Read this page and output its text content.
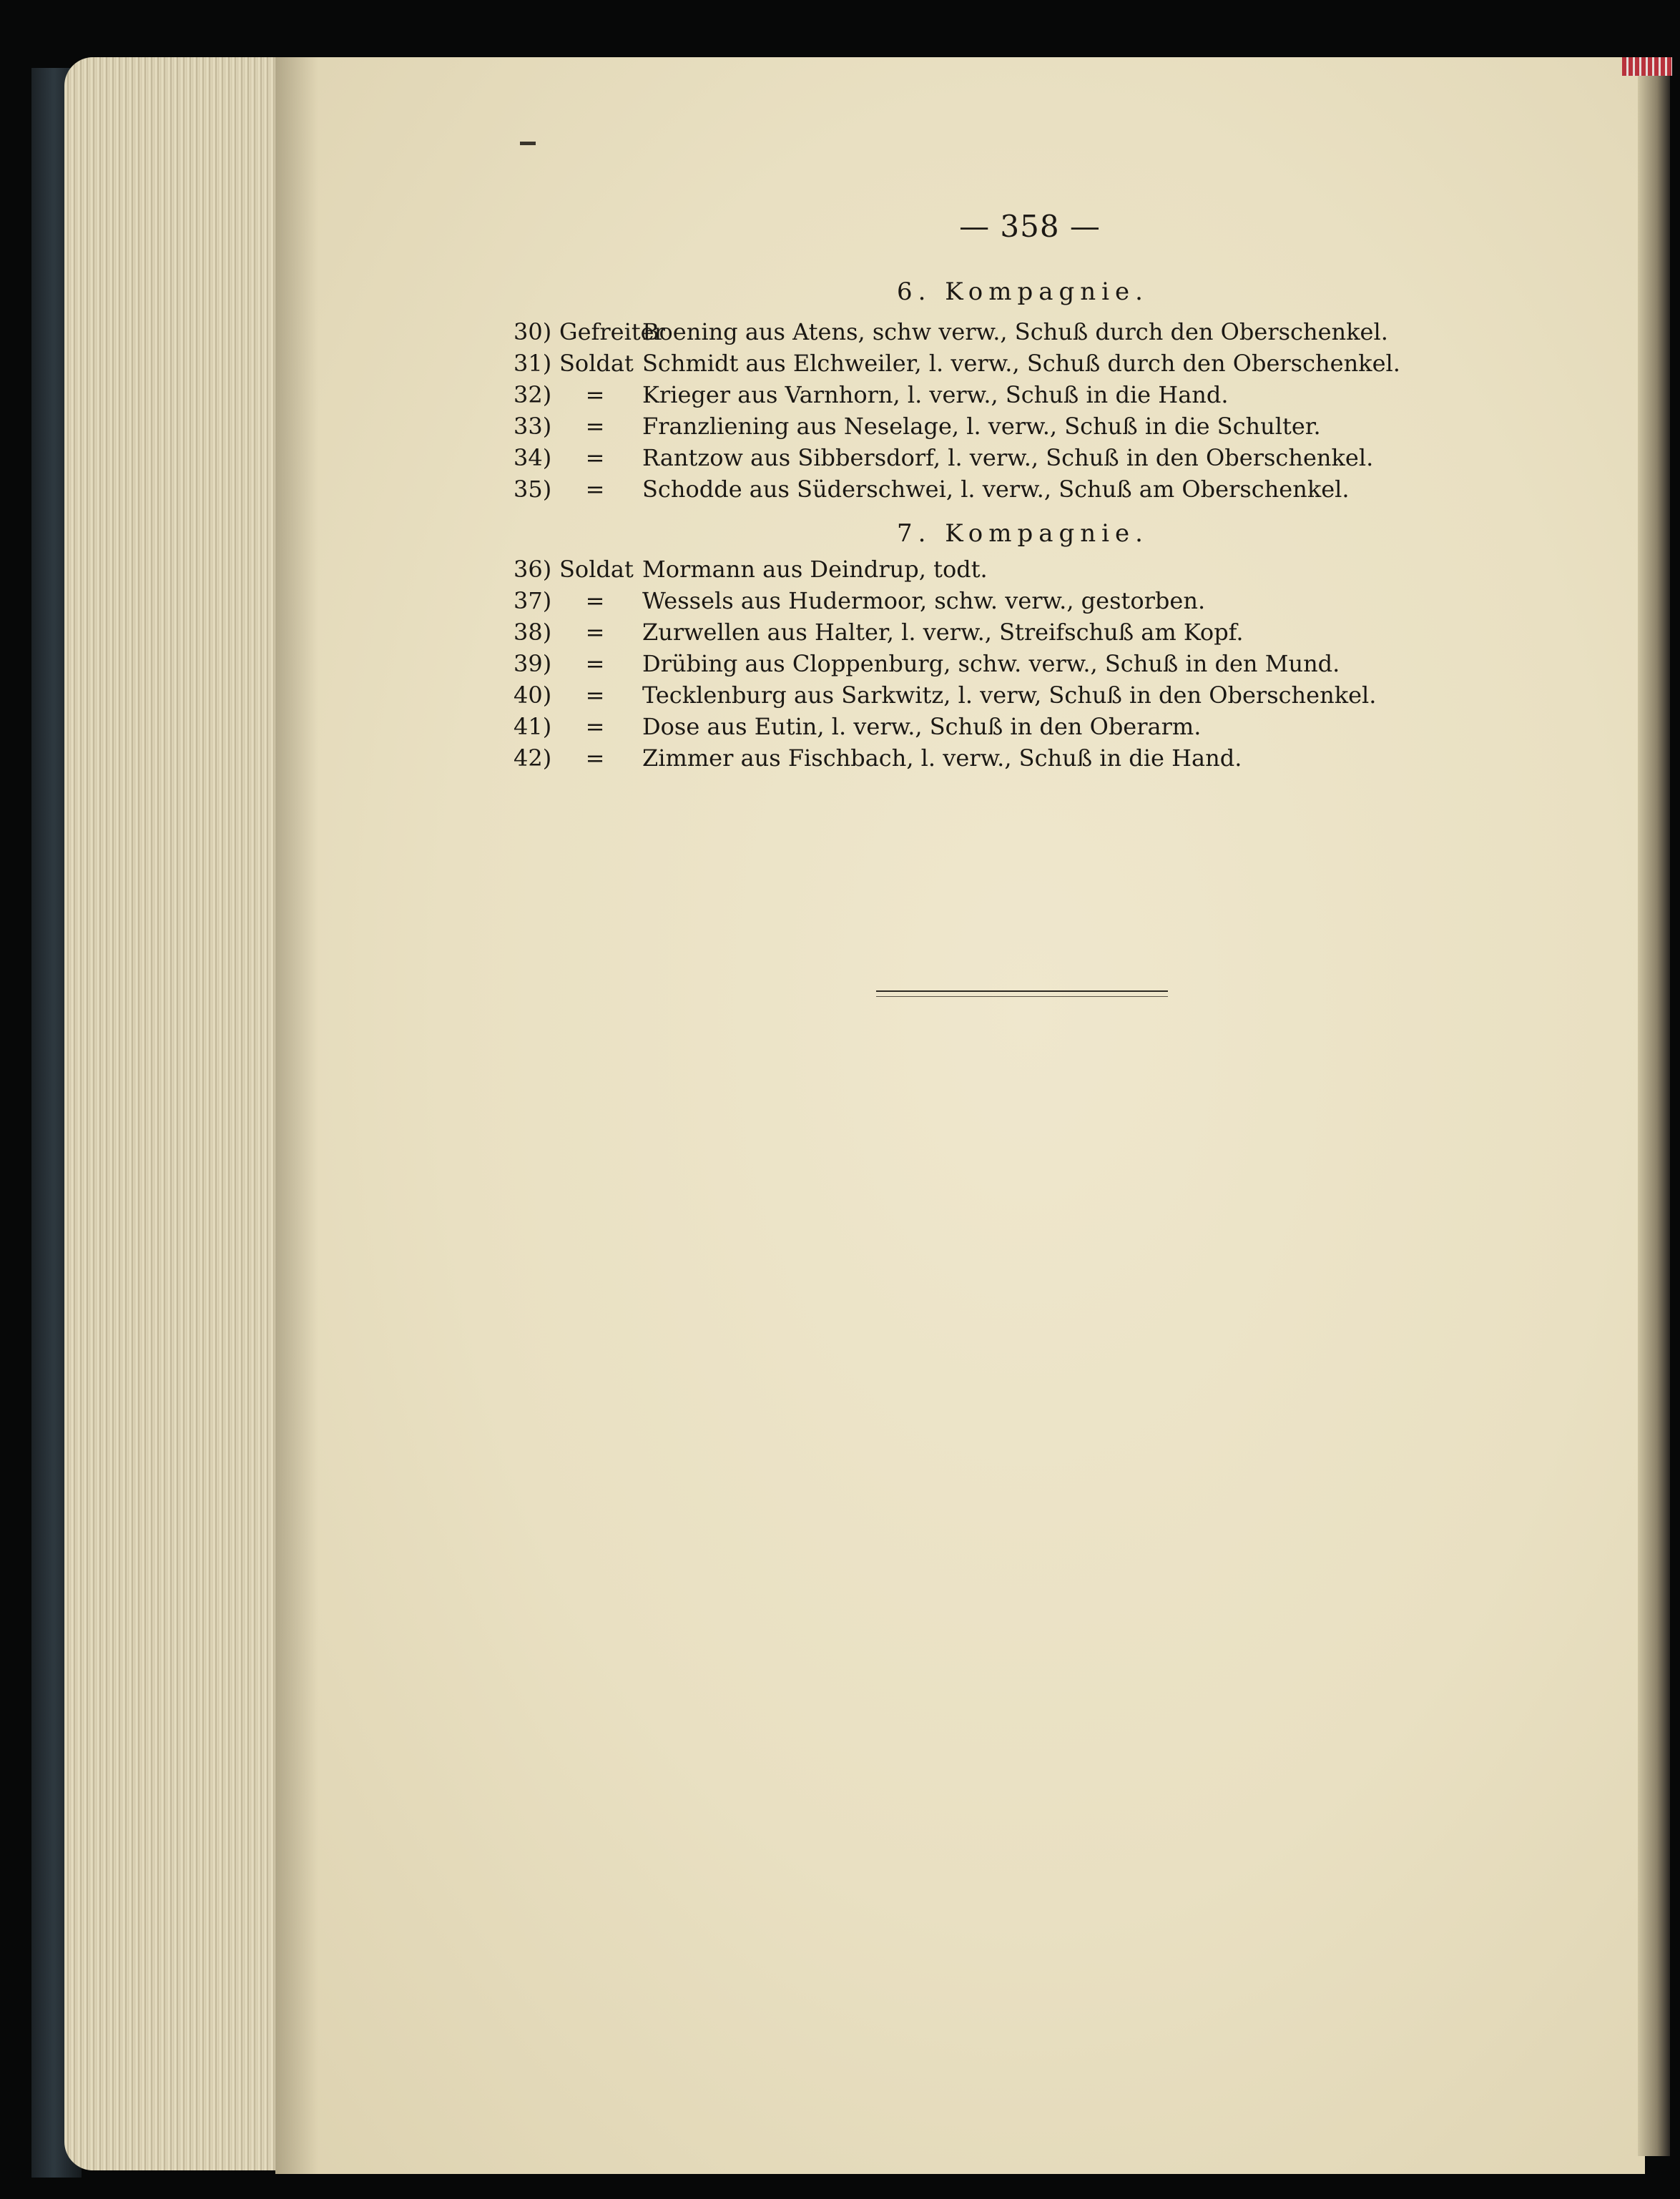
— 358 —
6. Kompagnie.
30) GefreiterBoening aus Atens, schw verw., Schuß durch den Oberschenkel.
31) Soldat Schmidt aus Elchweiler, l. verw., Schuß durch den Oberschenkel.
32) = Krieger aus Varnhorn, l. verw., Schuß in die Hand.
33) = Franzliening aus Neselage, l. verw., Schuß in die Schulter.
34) = Rantzow aus Sibbersdorf, l. verw., Schuß in den Oberschenkel.
35) = Schodde aus Süderschwei, l. verw., Schuß am Oberschenkel.
7. Kompagnie.
36) Soldat Mormann aus Deindrup, todt.
37) = Wessels aus Hudermoor, schw. verw., gestorben.
38) = Zurwellen aus Halter, l. verw., Streifschuß am Kopf.
39) = Drübing aus Cloppenburg, schw. verw., Schuß in den Mund.
40) = Tecklenburg aus Sarkwitz, l. verw, Schuß in den Oberschenkel.
41) = Dose aus Eutin, l. verw., Schuß in den Oberarm.
42) = Zimmer aus Fischbach, l. verw., Schuß in die Hand.
